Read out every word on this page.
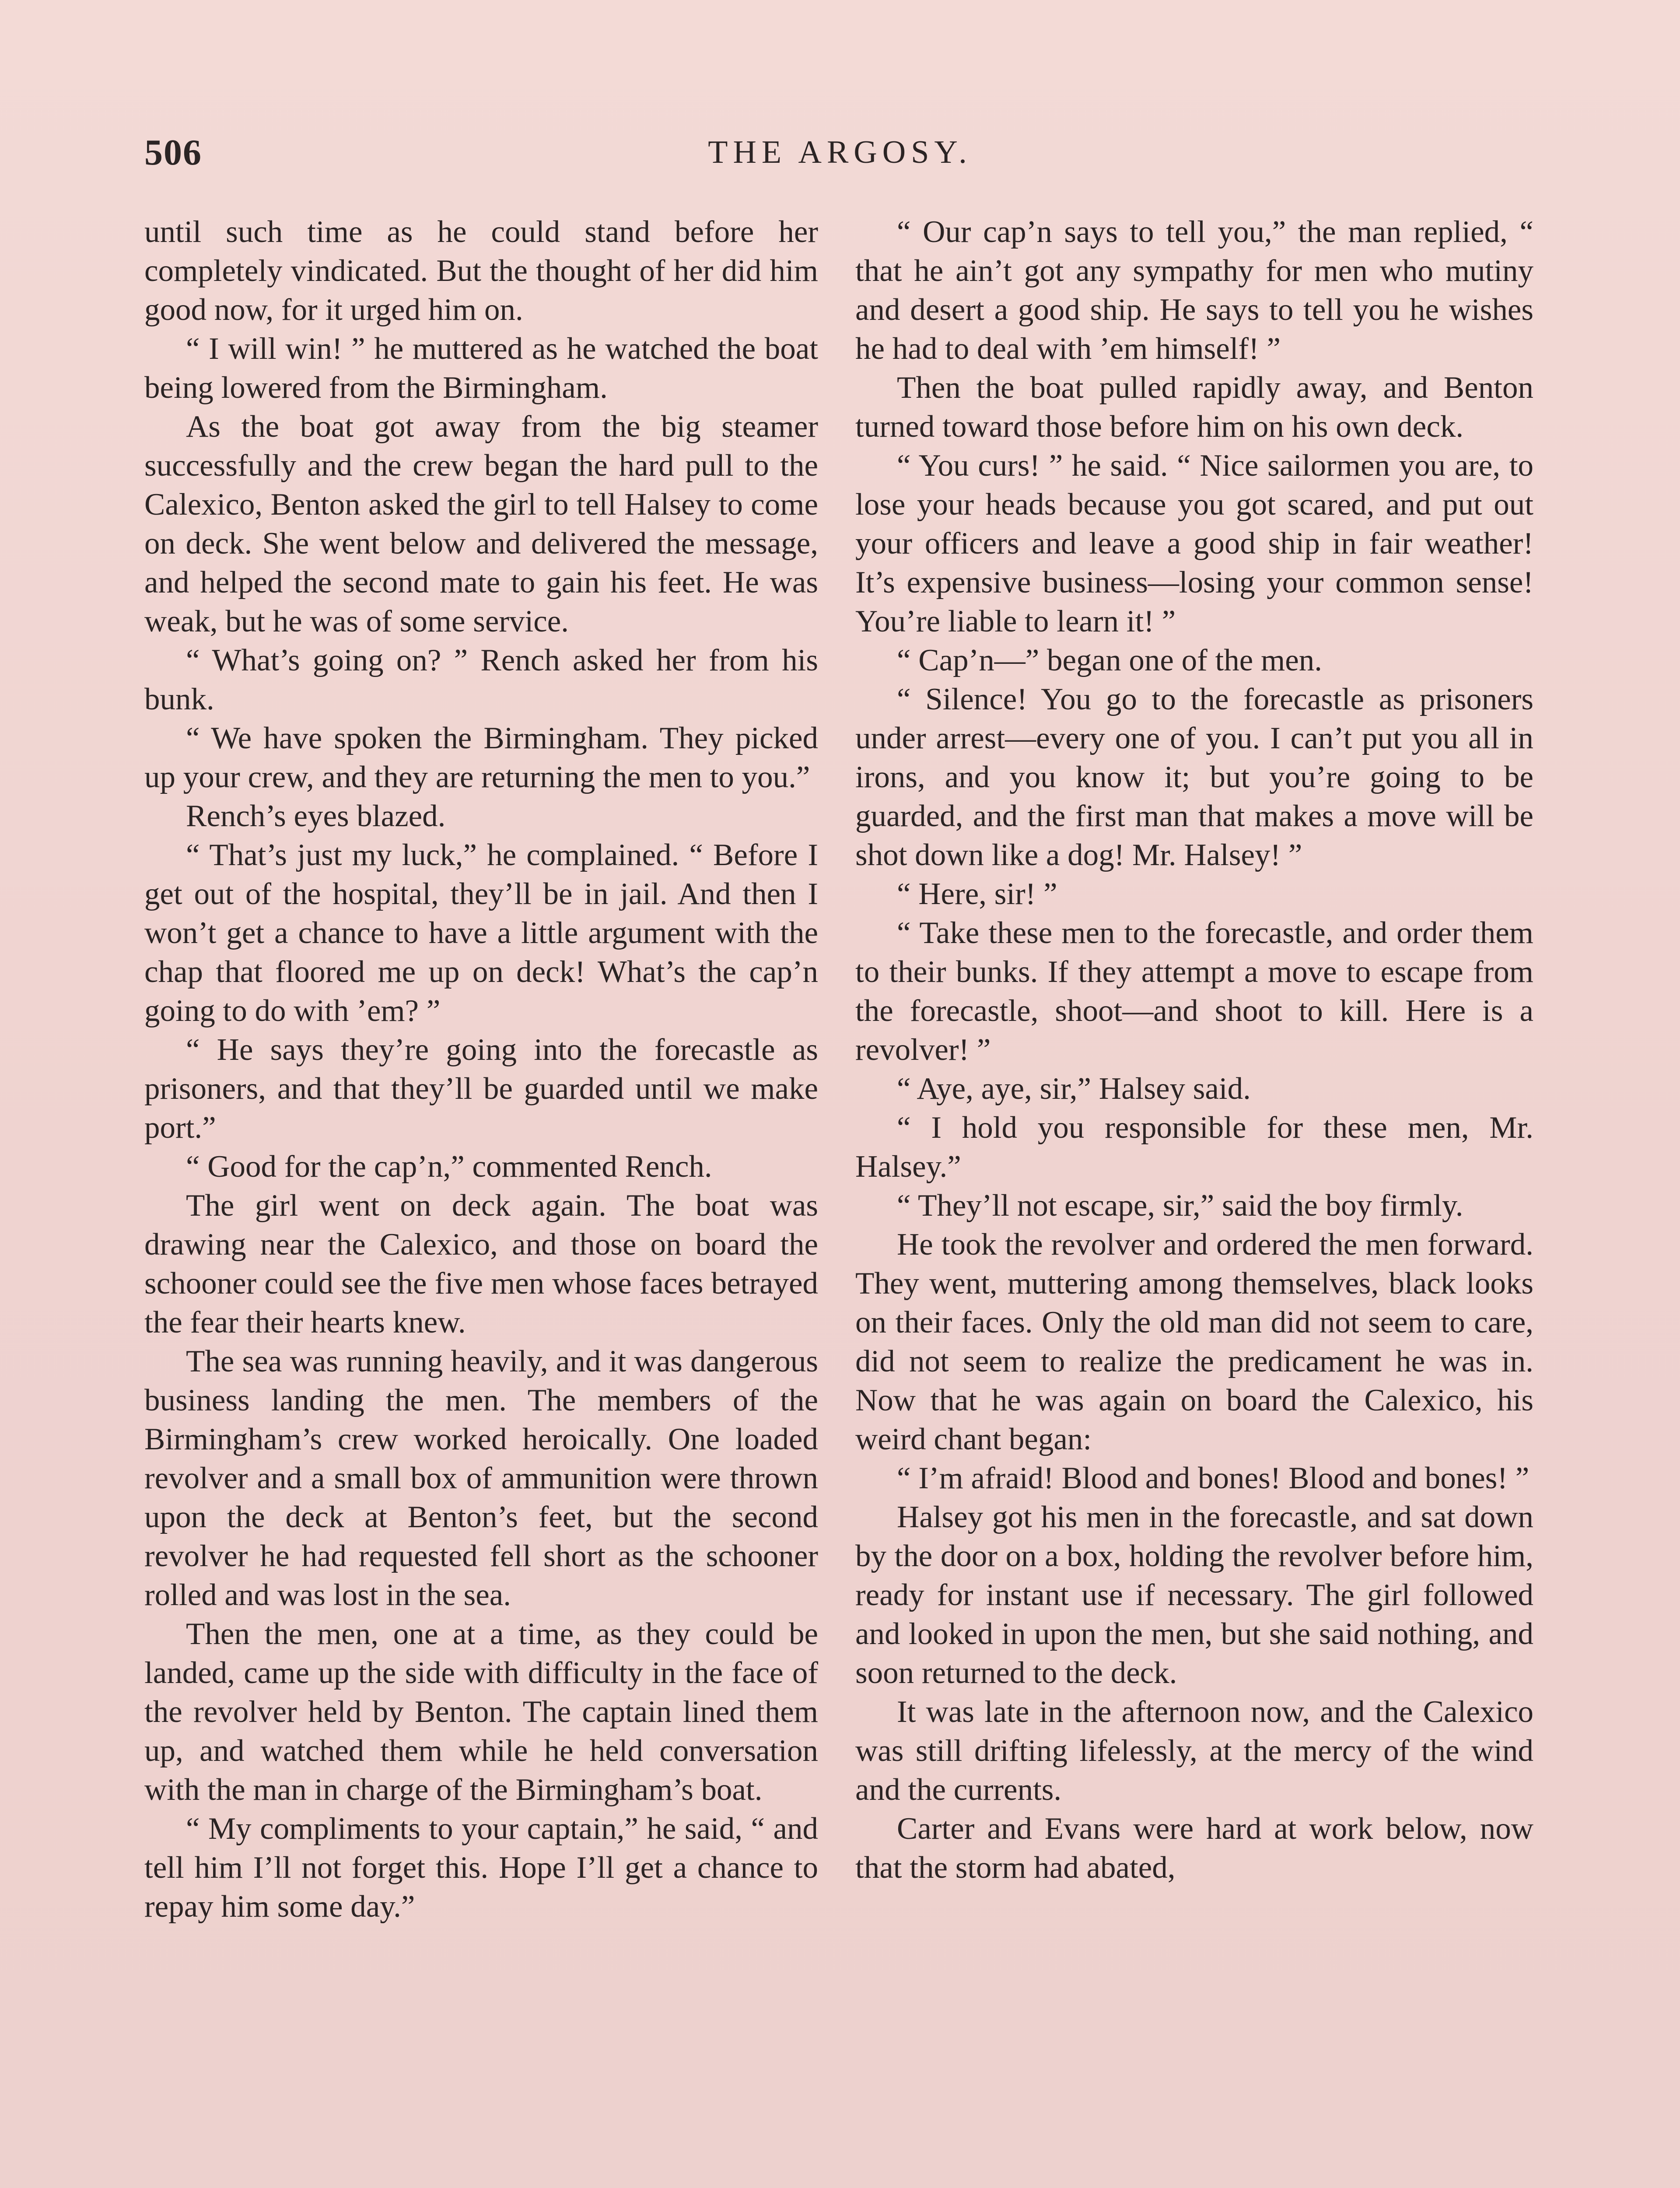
506	THE ARGOSY.

until such time as he could stand before her completely vindicated. But the thought of her did him good now, for it urged him on.

“ I will win! ” he muttered as he watched the boat being lowered from the Birmingham.

As the boat got away from the big steamer successfully and the crew began the hard pull to the Calexico, Benton asked the girl to tell Halsey to come on deck. She went below and delivered the message, and helped the second mate to gain his feet. He was weak, but he was of some service.

“ What’s going on? ” Rench asked her from his bunk.

“ We have spoken the Birmingham. They picked up your crew, and they are returning the men to you.”

Rench’s eyes blazed.

“ That’s just my luck,” he complained. “ Before I get out of the hospital, they’ll be in jail. And then I won’t get a chance to have a little argument with the chap that floored me up on deck! What’s the cap’n going to do with ’em? ”

“ He says they’re going into the forecastle as prisoners, and that they’ll be guarded until we make port.”

“ Good for the cap’n,” commented Rench.

The girl went on deck again. The boat was drawing near the Calexico, and those on board the schooner could see the five men whose faces betrayed the fear their hearts knew.

The sea was running heavily, and it was dangerous business landing the men. The members of the Birmingham’s crew worked heroically. One loaded revolver and a small box of ammunition were thrown upon the deck at Benton’s feet, but the second revolver he had requested fell short as the schooner rolled and was lost in the sea.

Then the men, one at a time, as they could be landed, came up the side with difficulty in the face of the revolver held by Benton. The captain lined them up, and watched them while he held conversation with the man in charge of the Birmingham’s boat.

“ My compliments to your captain,” he said, “ and tell him I’ll not forget this. Hope I’ll get a chance to repay him some day.”

“ Our cap’n says to tell you,” the man replied, “ that he ain’t got any sympathy for men who mutiny and desert a good ship. He says to tell you he wishes he had to deal with ’em himself! ”

Then the boat pulled rapidly away, and Benton turned toward those before him on his own deck.

“ You curs! ” he said. “ Nice sailormen you are, to lose your heads because you got scared, and put out your officers and leave a good ship in fair weather! It’s expensive business—losing your common sense! You’re liable to learn it! ”

“ Cap’n—” began one of the men.

“ Silence! You go to the forecastle as prisoners under arrest—every one of you. I can’t put you all in irons, and you know it; but you’re going to be guarded, and the first man that makes a move will be shot down like a dog! Mr. Halsey! ”

“ Here, sir! ”

“ Take these men to the forecastle, and order them to their bunks. If they attempt a move to escape from the forecastle, shoot—and shoot to kill. Here is a revolver! ”

“ Aye, aye, sir,” Halsey said.

“ I hold you responsible for these men, Mr. Halsey.”

“ They’ll not escape, sir,” said the boy firmly.

He took the revolver and ordered the men forward. They went, muttering among themselves, black looks on their faces. Only the old man did not seem to care, did not seem to realize the predicament he was in. Now that he was again on board the Calexico, his weird chant began:

“ I’m afraid! Blood and bones! Blood and bones! ”

Halsey got his men in the forecastle, and sat down by the door on a box, holding the revolver before him, ready for instant use if necessary. The girl followed and looked in upon the men, but she said nothing, and soon returned to the deck.

It was late in the afternoon now, and the Calexico was still drifting lifelessly, at the mercy of the wind and the currents.

Carter and Evans were hard at work below, now that the storm had abated,
